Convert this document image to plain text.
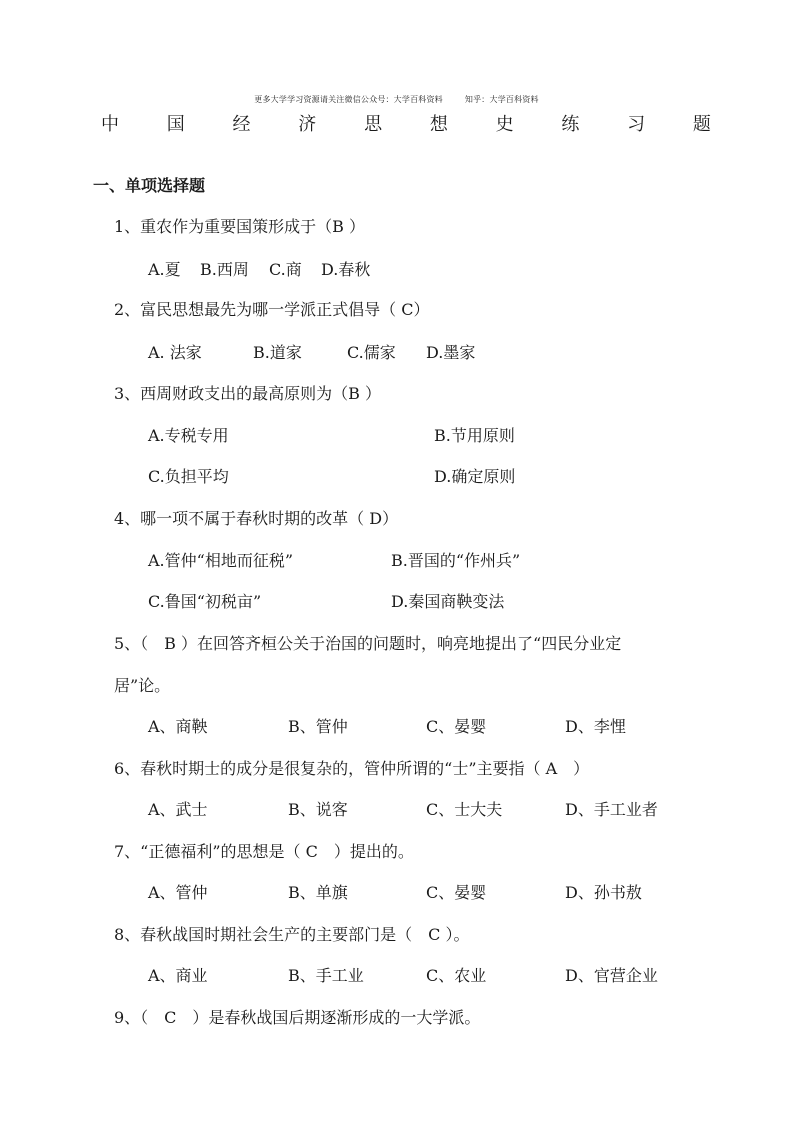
更多大学学习资源请关注微信公众号：大学百科资料	知乎：大学百科资料
中	国	经	济	思	想	史	练	习	题
一、单项选择题
1、重农作为重要国策形成于（B ）
A.夏 B.西周 C.商 D.春秋
2、富民思想最先为哪一学派正式倡导（ C）
A. 法家	B.道家	C.儒家 D.墨家
3、西周财政支出的最高原则为（B ）
A.专税专用	B.节用原则
C.负担平均	D.确定原则
4、哪一项不属于春秋时期的改革（ D）
A.管仲“相地而征税”	B.晋国的“作州兵”
C.鲁国“初税亩”	D.秦国商鞅变法
5、（　B ）在回答齐桓公关于治国的问题时，响亮地提出了“四民分业定
居”论。
A、商鞅	B、管仲	C、晏婴	D、李悝
6、春秋时期士的成分是很复杂的，管仲所谓的“士”主要指（ A　）
A、武士	B、说客	C、士大夫	D、手工业者
7、“正德福利”的思想是（ C　）提出的。
A、管仲	B、单旗	C、晏婴	D、孙书敖
8、春秋战国时期社会生产的主要部门是（　C ）。
A、商业	B、手工业	C、农业	D、官营企业
9、（　C　）是春秋战国后期逐渐形成的一大学派。
